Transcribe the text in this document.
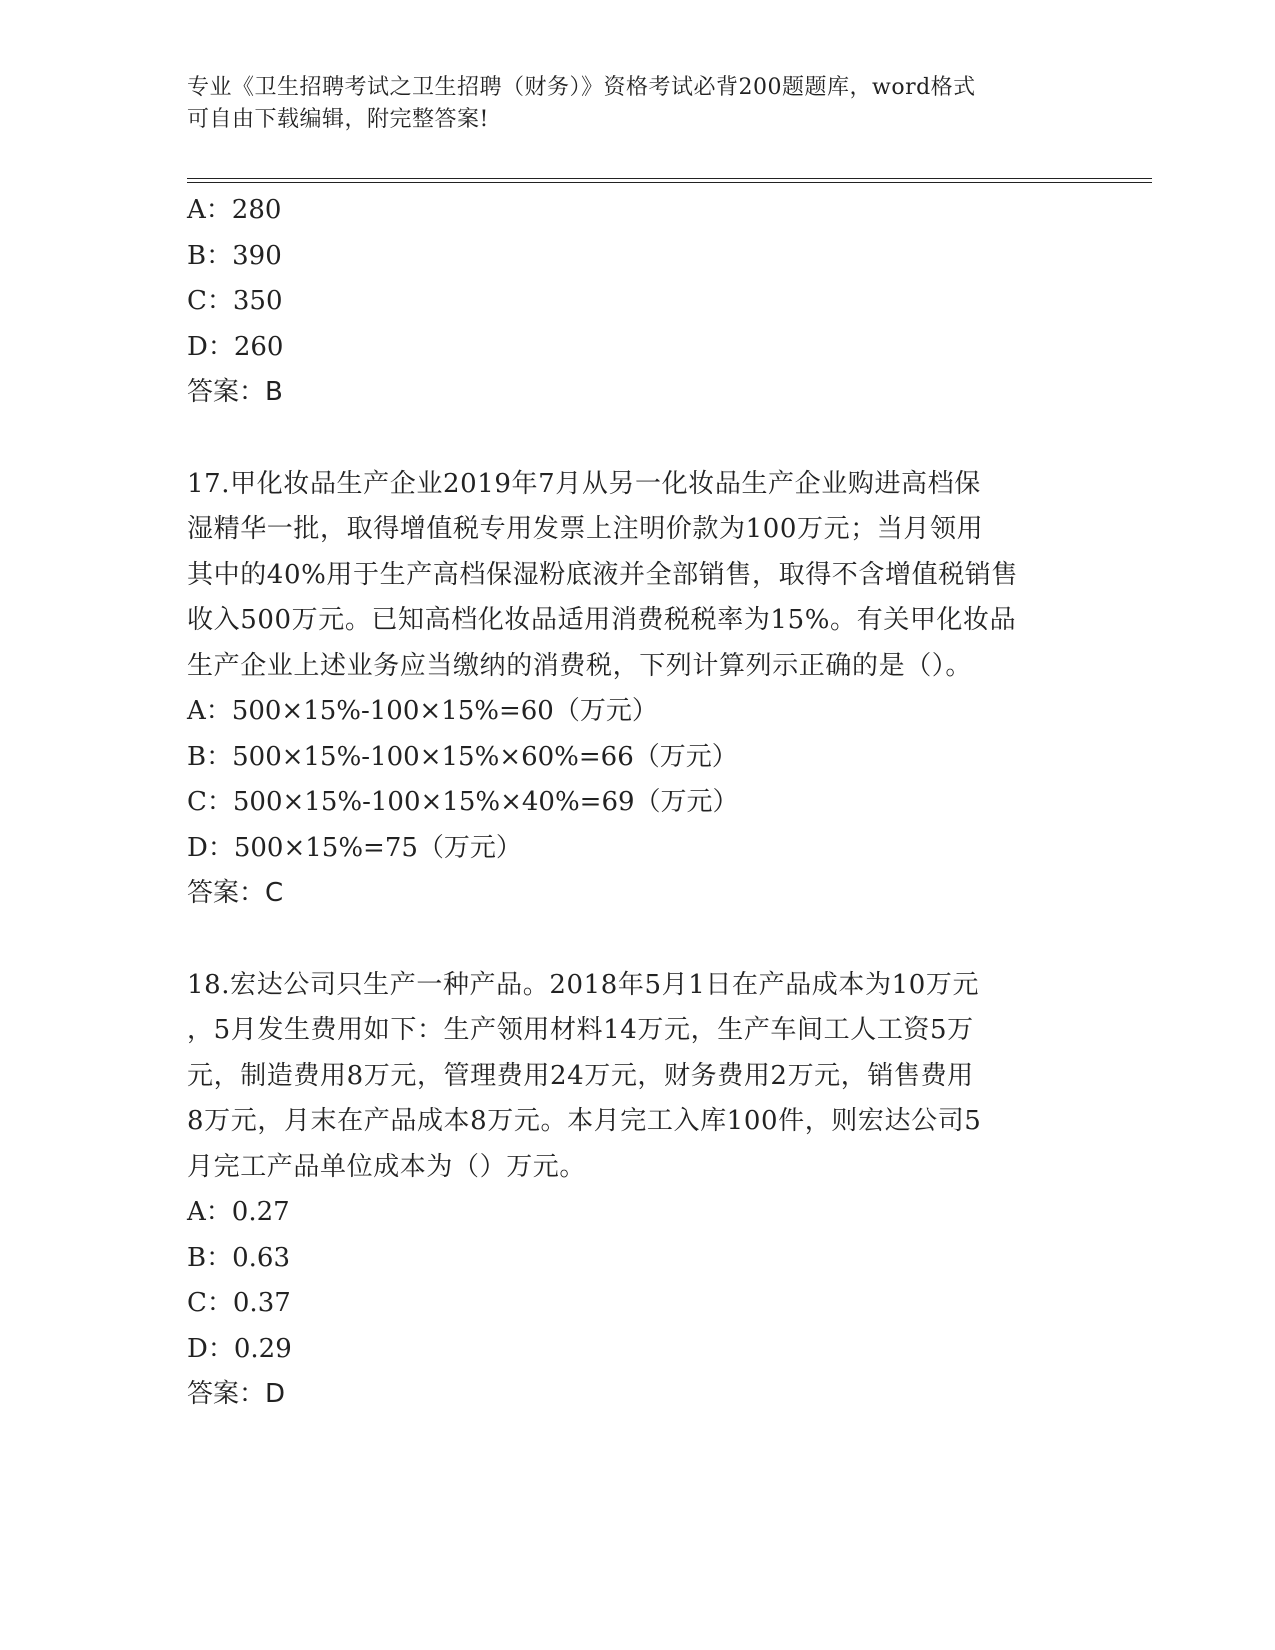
专业《卫生招聘考试之卫生招聘（财务）》资格考试必背200题题库，word格式
可自由下载编辑，附完整答案!
A：280
B：390
C：350
D：260
答案：B
17.甲化妆品生产企业2019年7月从另一化妆品生产企业购进高档保
湿精华一批，取得增值税专用发票上注明价款为100万元；当月领用
其中的40%用于生产高档保湿粉底液并全部销售，取得不含增值税销售
收入500万元。已知高档化妆品适用消费税税率为15%。有关甲化妆品
生产企业上述业务应当缴纳的消费税，下列计算列示正确的是（）。
A：500×15%-100×15%=60（万元）
B：500×15%-100×15%×60%=66（万元）
C：500×15%-100×15%×40%=69（万元）
D：500×15%=75（万元）
答案：C
18.宏达公司只生产一种产品。2018年5月1日在产品成本为10万元
，5月发生费用如下：生产领用材料14万元，生产车间工人工资5万
元，制造费用8万元，管理费用24万元，财务费用2万元，销售费用
8万元，月末在产品成本8万元。本月完工入库100件，则宏达公司5
月完工产品单位成本为（）万元。
A：0.27
B：0.63
C：0.37
D：0.29
答案：D
